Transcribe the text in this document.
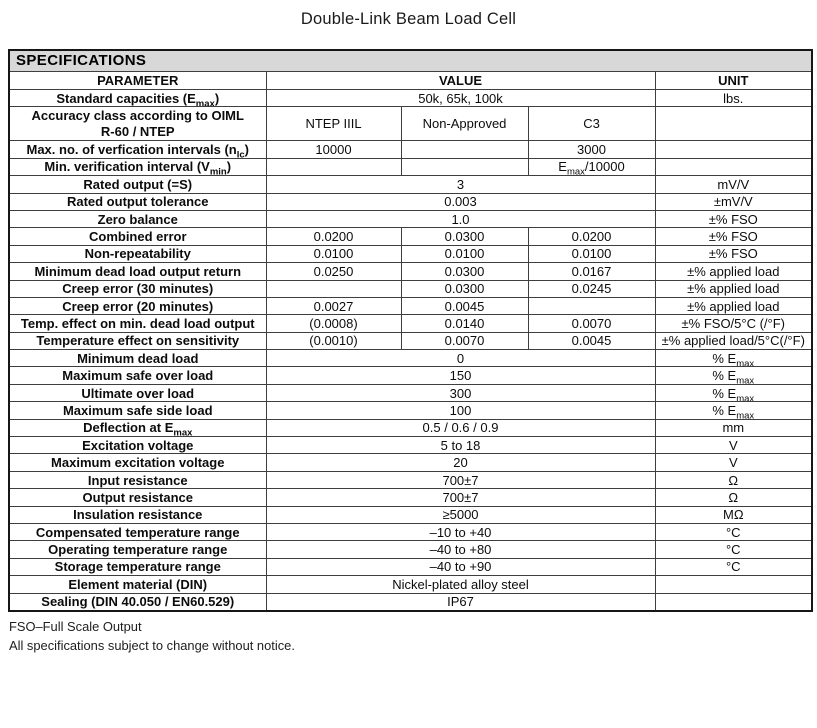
Double-Link Beam Load Cell
SPECIFICATIONS				
PARAMETER	VALUE			UNIT
Standard capacities $(E_{max})$	50k, 65k, 100k			lbs.
Accuracy class according to OIML
R-60 / NTEP	NTEP IIIL	Non-Approved	C3	
Max. no. of verfication intervals $(n_{lc})$	10000		3000	
Min. verification interval $(V_{min})$			$E_{max}/10000$	
Rated output (=S)	3			mV/V
Rated output tolerance	0.003			±mV/V
Zero balance	1.0			±% FSO
Combined error	0.0200	0.0300	0.0200	±% FSO
Non-repeatability	0.0100	0.0100	0.0100	±% FSO
Minimum dead load output return	0.0250	0.0300	0.0167	±% applied load
Creep error (30 minutes)		0.0300	0.0245	±% applied load
Creep error (20 minutes)	0.0027	0.0045		±% applied load
Temp. effect on min. dead load output	(0.0008)	0.0140	0.0070	±% FSO/5°C (/°F)
Temperature effect on sensitivity	(0.0010)	0.0070	0.0045	±% applied load/5°C(/°F)
Minimum dead load	0			% $E_{max}$
Maximum safe over load	150			% $E_{max}$
Ultimate over load	300			% $E_{max}$
Maximum safe side load	100			% $E_{max}$
Deflection at $E_{max}$	0.5 / 0.6 / 0.9			mm
Excitation voltage	5 to 18			V
Maximum excitation voltage	20			V
Input resistance	700±7			Ω
Output resistance	700±7			Ω
Insulation resistance	≥5000			MΩ
Compensated temperature range	–10 to +40			°C
Operating temperature range	–40 to +80			°C
Storage temperature range	–40 to +90			°C
Element material (DIN)	Nickel-plated alloy steel			
Sealing (DIN 40.050 / EN60.529)	IP67			
FSO–Full Scale Output
All specifications subject to change without notice.
